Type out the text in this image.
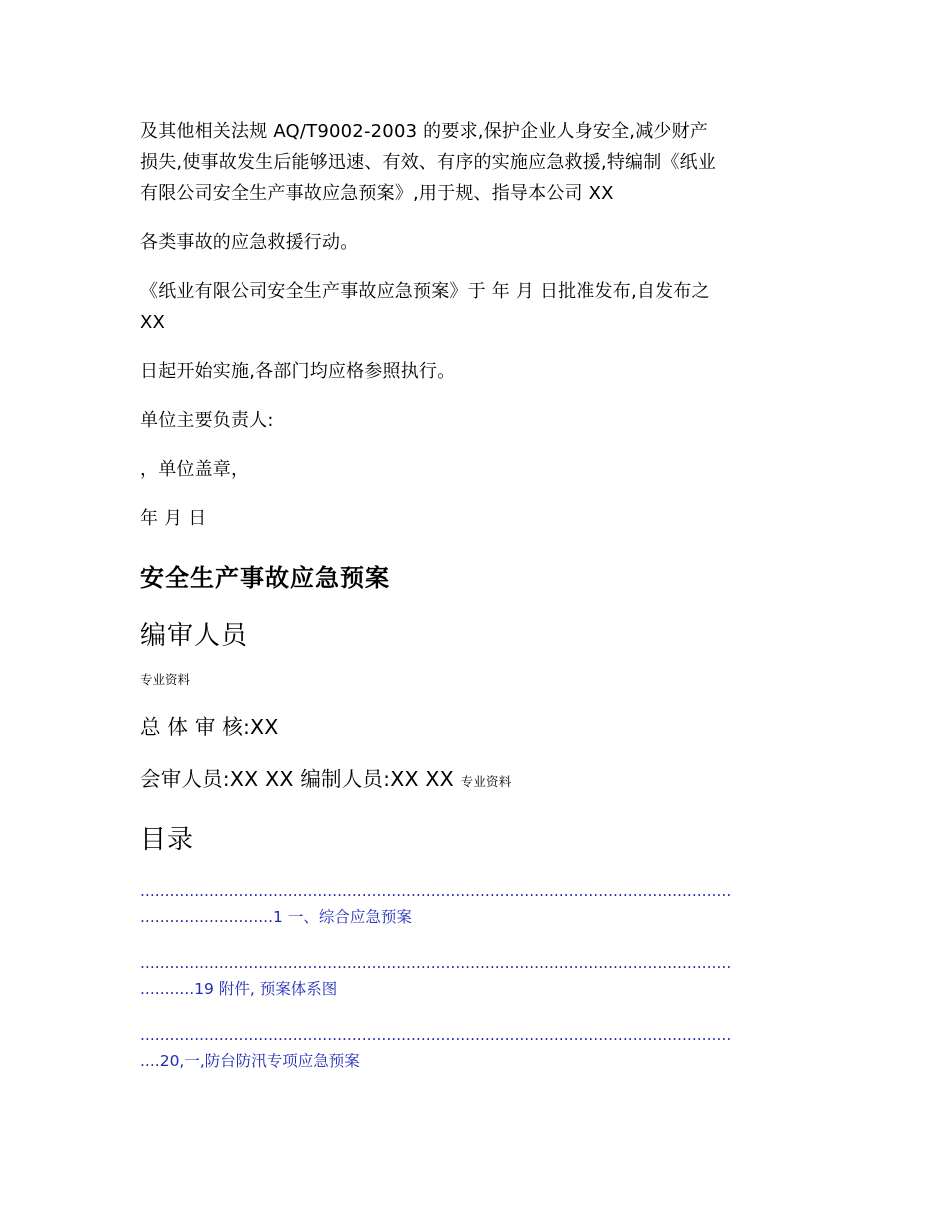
及其他相关法规 AQ/T9002-2003 的要求,保护企业人身安全,减少财产

损失,使事故发生后能够迅速、有效、有序的实施应急救援,特编制《纸业

有限公司安全生产事故应急预案》,用于规、指导本公司 XX

各类事故的应急救援行动。

《纸业有限公司安全生产事故应急预案》于 年 月 日批准发布,自发布之

XX

日起开始实施,各部门均应格参照执行。

单位主要负责人:

，单位盖章，

年 月 日

安全生产事故应急预案
编审人员

专业资料

总 体 审 核:XX

会审人员:XX XX 编制人员:XX XX 专业资料

目录
........................................................................................................................
...........................1 一、综合应急预案
........................................................................................................................
...........19 附件, 预案体系图
........................................................................................................................
....20,一,防台防汛专项应急预案
